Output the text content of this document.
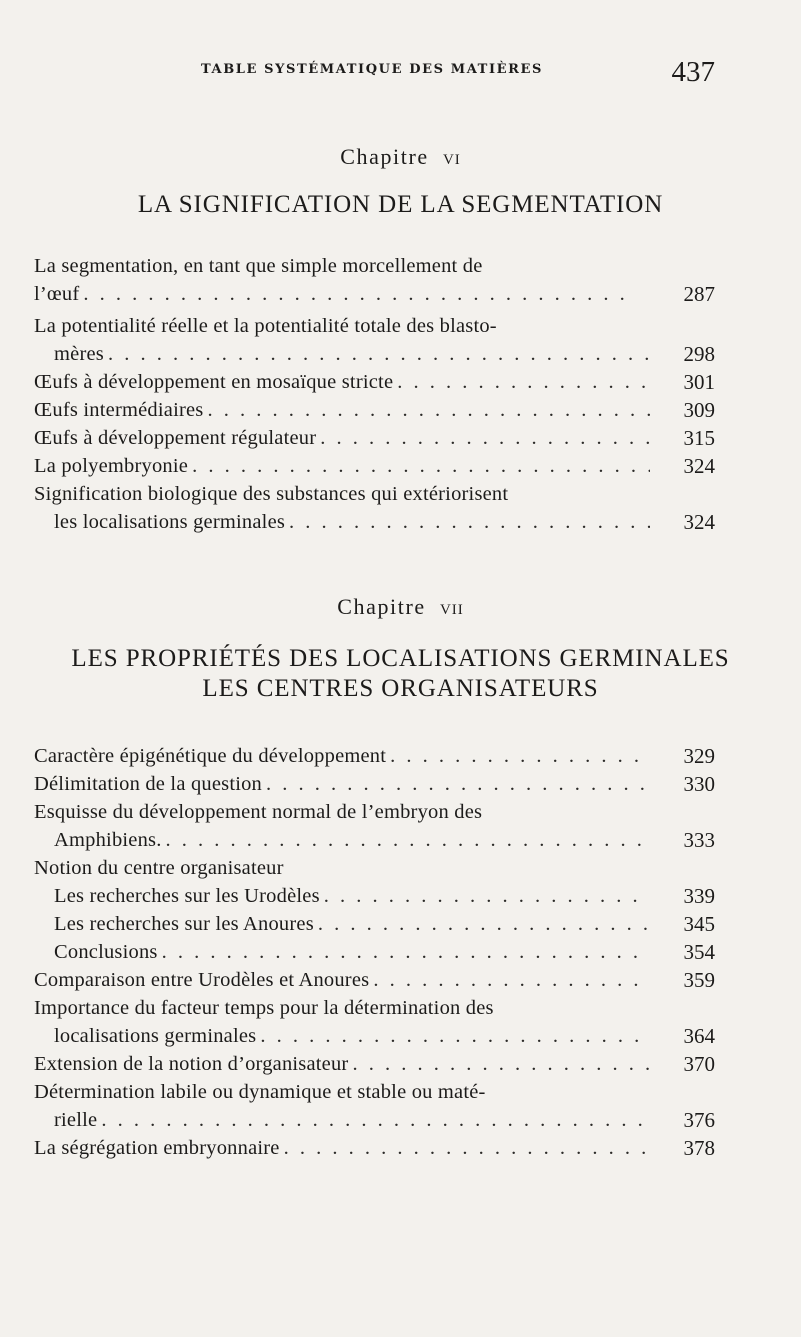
TABLE SYSTÉMATIQUE DES MATIÈRES	437
Chapitre VI
LA SIGNIFICATION DE LA SEGMENTATION
La segmentation, en tant que simple morcellement de
l’œuf . . .	287
La potentialité réelle et la potentialité totale des blasto-
mères . . .	298
Œufs à développement en mosaïque stricte . . .	301
Œufs intermédiaires . . .	309
Œufs à développement régulateur . . .	315
La polyembryonie . . .	324
Signification biologique des substances qui extériorisent
les localisations germinales . . .	324
Chapitre VII
LES PROPRIÉTÉS DES LOCALISATIONS GERMINALES
LES CENTRES ORGANISATEURS
Caractère épigénétique du développement . . .	329
Délimitation de la question . . .	330
Esquisse du développement normal de l’embryon des
Amphibiens. . . .	333
Notion du centre organisateur
Les recherches sur les Urodèles . . .	339
Les recherches sur les Anoures . . .	345
Conclusions . . .	354
Comparaison entre Urodèles et Anoures . . .	359
Importance du facteur temps pour la détermination des
localisations germinales . . .	364
Extension de la notion d’organisateur . . .	370
Détermination labile ou dynamique et stable ou maté-
rielle . . .	376
La ségrégation embryonnaire . . .	378
